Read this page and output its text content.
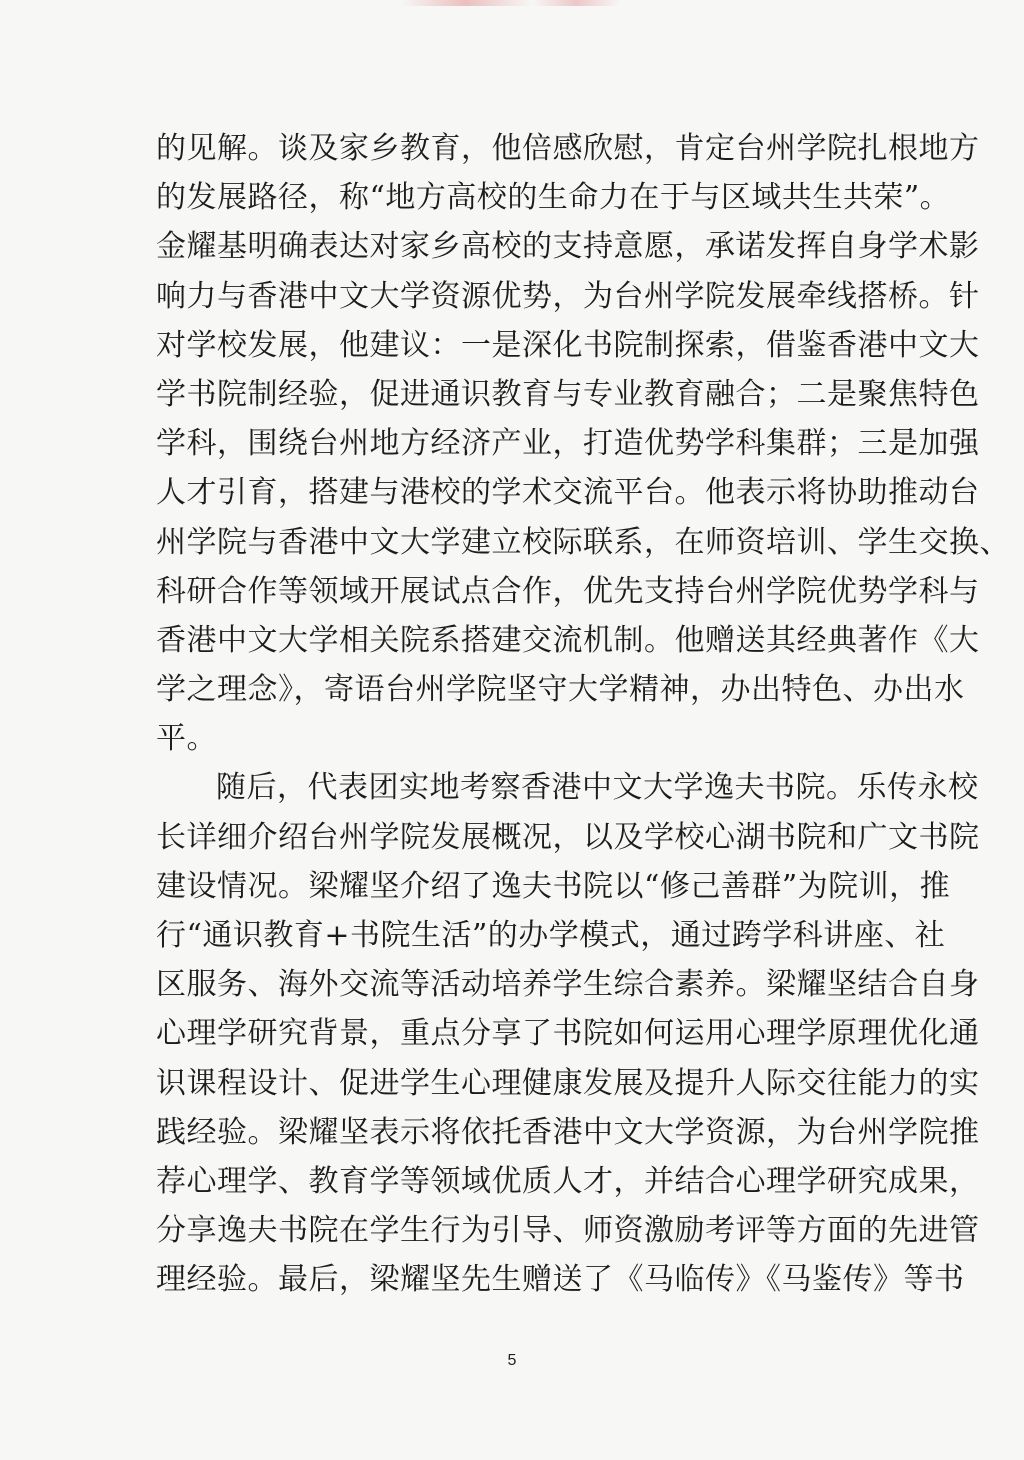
的见解。谈及家乡教育，他倍感欣慰，肯定台州学院扎根地方
的发展路径，称“地方高校的生命力在于与区域共生共荣”。
金耀基明确表达对家乡高校的支持意愿，承诺发挥自身学术影
响力与香港中文大学资源优势，为台州学院发展牵线搭桥。针
对学校发展，他建议：一是深化书院制探索，借鉴香港中文大
学书院制经验，促进通识教育与专业教育融合；二是聚焦特色
学科，围绕台州地方经济产业，打造优势学科集群；三是加强
人才引育，搭建与港校的学术交流平台。他表示将协助推动台
州学院与香港中文大学建立校际联系，在师资培训、学生交换、
科研合作等领域开展试点合作，优先支持台州学院优势学科与
香港中文大学相关院系搭建交流机制。他赠送其经典著作《大
学之理念》，寄语台州学院坚守大学精神，办出特色、办出水
平。
随后，代表团实地考察香港中文大学逸夫书院。乐传永校
长详细介绍台州学院发展概况，以及学校心湖书院和广文书院
建设情况。梁耀坚介绍了逸夫书院以“修己善群”为院训，推
行“通识教育+书院生活”的办学模式，通过跨学科讲座、社
区服务、海外交流等活动培养学生综合素养。梁耀坚结合自身
心理学研究背景，重点分享了书院如何运用心理学原理优化通
识课程设计、促进学生心理健康发展及提升人际交往能力的实
践经验。梁耀坚表示将依托香港中文大学资源，为台州学院推
荐心理学、教育学等领域优质人才，并结合心理学研究成果，
分享逸夫书院在学生行为引导、师资激励考评等方面的先进管
理经验。最后，梁耀坚先生赠送了《马临传》《马鉴传》等书
5
